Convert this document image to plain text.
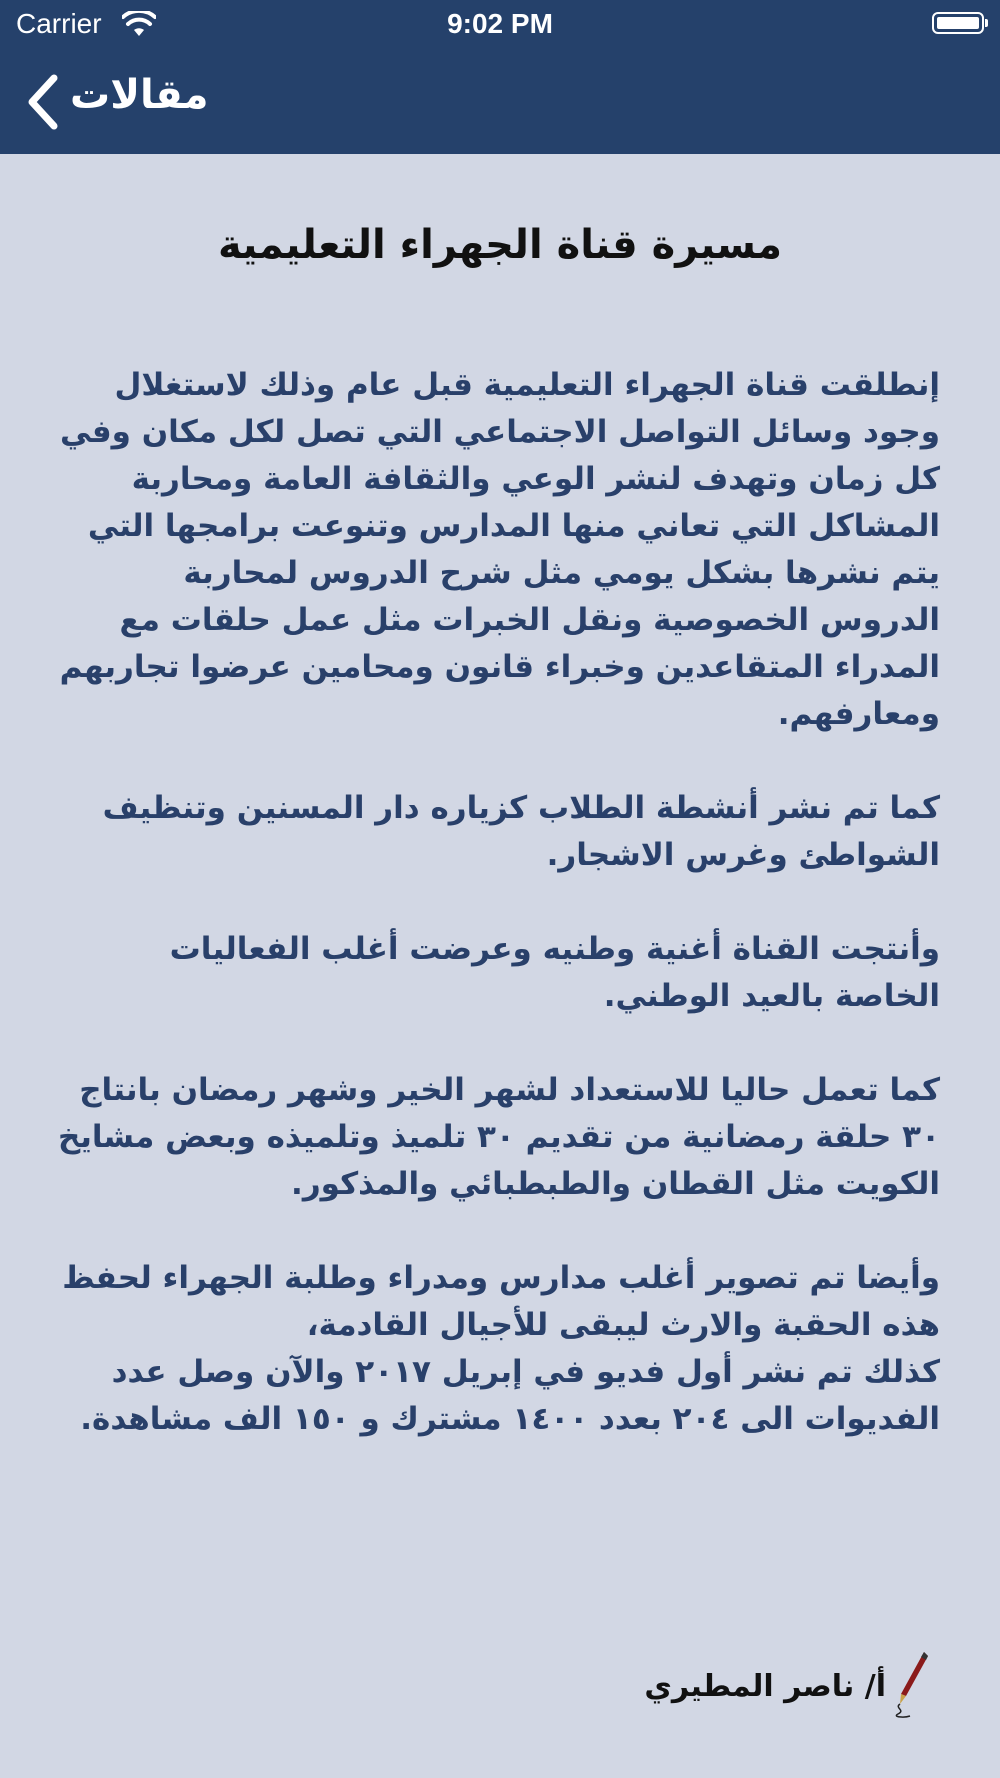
Carrier	9:02 PM
مقالات
مسيرة قناة الجهراء التعليمية

إنطلقت قناة الجهراء التعليمية قبل عام وذلك لاستغلال وجود وسائل التواصل الاجتماعي التي تصل لكل مكان وفي كل زمان وتهدف لنشر الوعي والثقافة العامة ومحاربة المشاكل التي تعاني منها المدارس وتنوعت برامجها التي يتم نشرها بشكل يومي مثل شرح الدروس لمحاربة الدروس الخصوصية ونقل الخبرات مثل عمل حلقات مع المدراء المتقاعدين وخبراء قانون ومحامين عرضوا تجاربهم ومعارفهم.

كما تم نشر أنشطة الطلاب كزياره دار المسنين وتنظيف الشواطئ وغرس الاشجار.

وأنتجت القناة أغنية وطنيه وعرضت أغلب الفعاليات الخاصة بالعيد الوطني.

كما تعمل حاليا للاستعداد لشهر الخير وشهر رمضان بانتاج ٣٠ حلقة رمضانية من تقديم ٣٠ تلميذ وتلميذه وبعض مشايخ الكويت مثل القطان والطبطبائي والمذكور.

وأيضا تم تصوير أغلب مدارس ومدراء وطلبة الجهراء لحفظ هذه الحقبة والارث ليبقى للأجيال القادمة،

كذلك تم نشر أول فديو في إبريل ٢٠١٧ والآن وصل عدد الفديوات الى ٢٠٤ بعدد ١٤٠٠ مشترك و ١٥٠ الف مشاهدة.

أ/ ناصر المطيري
